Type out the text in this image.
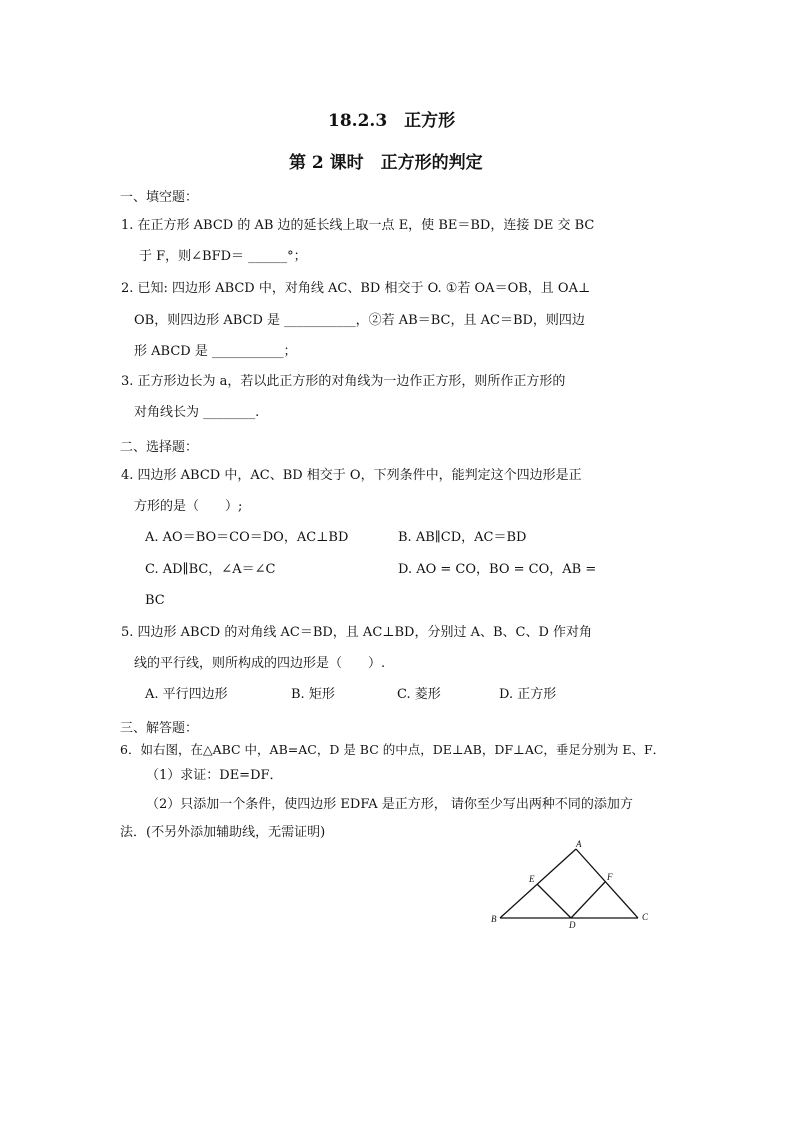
18.2.3　正方形
第 2 课时　正方形的判定
一、填空题：
1. 在正方形 ABCD 的 AB 边的延长线上取一点 E，使 BE＝BD，连接 DE 交 BC
于 F，则∠BFD＝ ______°；
2. 已知: 四边形 ABCD 中，对角线 AC、BD 相交于 O. ①若 OA＝OB，且 OA⊥
OB，则四边形 ABCD 是 ___________，②若 AB＝BC，且 AC＝BD，则四边
形 ABCD 是 ___________；
3. 正方形边长为 a，若以此正方形的对角线为一边作正方形，则所作正方形的
对角线长为 ________.
二、选择题：
4. 四边形 ABCD 中，AC、BD 相交于 O，下列条件中，能判定这个四边形是正
方形的是（　　）;
A. AO＝BO＝CO＝DO，AC⊥BD	B. AB∥CD，AC＝BD
C. AD∥BC，∠A＝∠C	D. AO = CO，BO = CO，AB =
BC
5. 四边形 ABCD 的对角线 AC＝BD，且 AC⊥BD，分别过 A、B、C、D 作对角
线的平行线，则所构成的四边形是（　　）.
A. 平行四边形	B. 矩形	C. 菱形	D. 正方形
三、解答题：
6．如右图，在△ABC 中，AB=AC，D 是 BC 的中点，DE⊥AB，DF⊥AC，垂足分别为 E、F．
（1）求证：DE=DF．
（2）只添加一个条件，使四边形 EDFA 是正方形， 请你至少写出两种不同的添加方
法．(不另外添加辅助线，无需证明)
A
B	C
D
E	F
